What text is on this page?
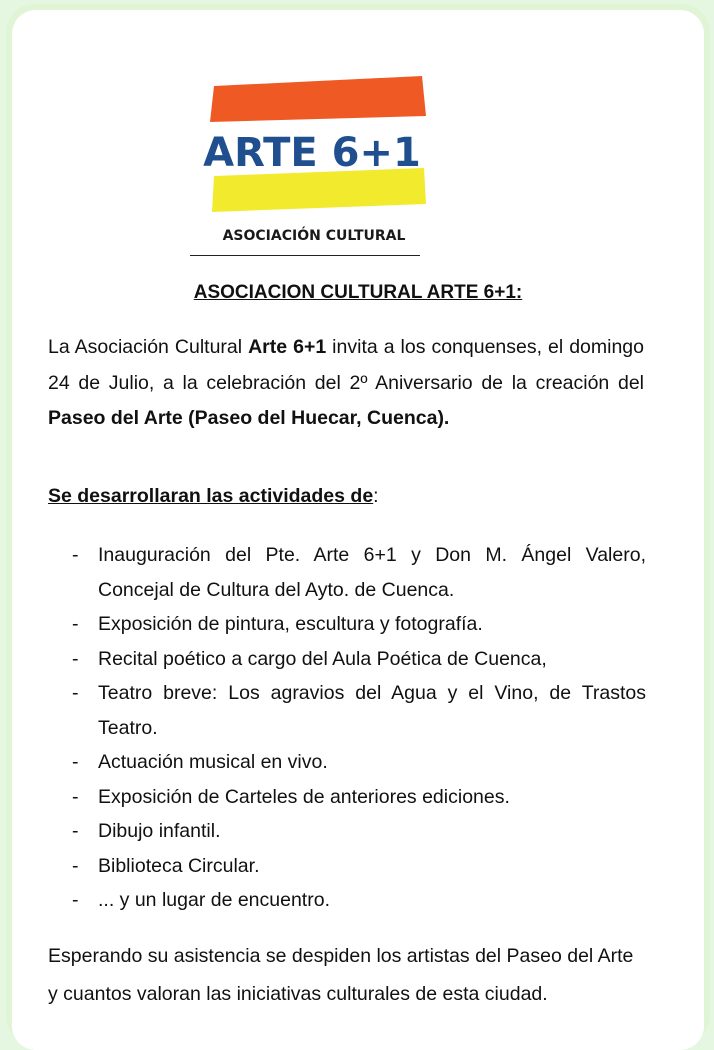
ARTE 6+1
ASOCIACIÓN CULTURAL
ASOCIACION CULTURAL ARTE 6+1:
La Asociación Cultural Arte 6+1 invita a los conquenses, el domingo 24 de Julio, a la celebración del 2º Aniversario de la creación del Paseo del Arte (Paseo del Huecar, Cuenca).
Se desarrollaran las actividades de:
- Inauguración del Pte. Arte 6+1 y Don M. Ángel Valero, Concejal de Cultura del Ayto. de Cuenca.
- Exposición de pintura, escultura y fotografía.
- Recital poético a cargo del Aula Poética de Cuenca,
- Teatro breve: Los agravios del Agua y el Vino, de Trastos Teatro.
- Actuación musical en vivo.
- Exposición de Carteles de anteriores ediciones.
- Dibujo infantil.
- Biblioteca Circular.
- ... y un lugar de encuentro.
Esperando su asistencia se despiden los artistas del Paseo del Arte y cuantos valoran las iniciativas culturales de esta ciudad.
